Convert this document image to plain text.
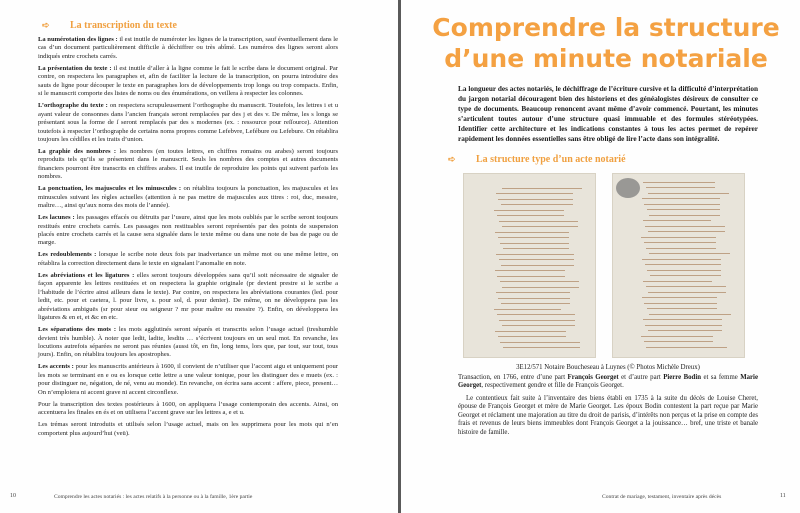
➪	La transcription du texte

La numérotation des lignes : il est inutile de numéroter les lignes de la transcription, sauf éventuellement dans le cas d’un document particulièrement difficile à déchiffrer ou très abîmé. Les numéros des lignes seront alors indiqués entre crochets carrés.

La présentation du texte : il est inutile d’aller à la ligne comme le fait le scribe dans le document original. Par contre, on respectera les paragraphes et, afin de faciliter la lecture de la transcription, on pourra introduire des sauts de ligne pour découper le texte en paragraphes lors de développements trop longs ou trop compacts. Enfin, si le manuscrit comporte des listes de noms ou des énumérations, on veillera à respecter les colonnes.

L’orthographe du texte : on respectera scrupuleusement l’orthographe du manuscrit. Toutefois, les lettres i et u ayant valeur de consonnes dans l’ancien français seront remplacées par des j et des v. De même, les s longs se présentant sous la forme de ſ seront remplacés par des s modernes (ex. : ressource pour reſſource). Attention toutefois à respecter l’orthographe de certains noms propres comme Lefebvre, Lefébure ou Lefebure. On rétablira toujours les cédilles et les traits d’union.

La graphie des nombres : les nombres (en toutes lettres, en chiffres romains ou arabes) seront toujours reproduits tels qu’ils se présentent dans le manuscrit. Seuls les nombres des comptes et autres documents financiers pourront être transcrits en chiffres arabes. Il est inutile de reproduire les points qui suivent parfois les nombres.

La ponctuation, les majuscules et les minuscules : on rétablira toujours la ponctuation, les majuscules et les minuscules suivant les règles actuelles (attention à ne pas mettre de majuscules aux titres : roi, duc, messire, maître…, ainsi qu’aux noms des mois de l’année).

Les lacunes : les passages effacés ou détruits par l’usure, ainsi que les mots oubliés par le scribe seront toujours restitués entre crochets carrés. Les passages non restituables seront représentés par des points de suspension placés entre crochets carrés et la cause sera signalée dans le texte même ou dans une note de bas de page ou de marge.

Les redoublements : lorsque le scribe note deux fois par inadvertance un même mot ou une même lettre, on rétablira la correction directement dans le texte en signalant l’anomalie en note.

Les abréviations et les ligatures : elles seront toujours développées sans qu’il soit nécessaire de signaler de façon apparente les lettres restituées et on respectera la graphie originale (pr devient prestre si le scribe a l’habitude de l’écrire ainsi ailleurs dans le texte). Par contre, on respectera les abréviations courantes (led. pour ledit, etc. pour et caetera, l. pour livre, s. pour sol, d. pour denier). De même, on ne développera pas les abréviations ambiguës (sr pour sieur ou seigneur ? mr pour maître ou messire ?). Enfin, on développera les ligatures & en et, et &c en etc.

Les séparations des mots : les mots agglutinés seront séparés et transcrits selon l’usage actuel (treshumble devient très humble). À noter que ledit, ladite, lesdits … s’écrivent toujours en un seul mot. En revanche, les locutions autrefois séparées ne seront pas réunies (aussi tôt, en fin, long tems, lors que, par tout, sur tout, tous jours). Enfin, on rétablira toujours les apostrophes.

Les accents : pour les manuscrits antérieurs à 1600, il convient de n’utiliser que l’accent aigu et uniquement pour les mots se terminant en e ou es lorsque cette lettre a une valeur tonique, pour les distinguer des e muets (ex. : pour distinguer ne, négation, de né, venu au monde). En revanche, on écrira sans accent : affere, piece, present… On n’emploiera ni accent grave ni accent circonflexe.

Pour la transcription des textes postérieurs à 1600, on appliquera l’usage contemporain des accents. Ainsi, on accentuera les finales en és et on utilisera l’accent grave sur les lettres a, e et u.

Les trémas seront introduits et utilisés selon l’usage actuel, mais on les supprimera pour les mots qui n’en comportent plus aujourd’hui (veü).

10	Comprendre les actes notariés : les actes relatifs à la personne ou à la famille, 1ère partie
Comprendre la structure
d’une minute notariale

La longueur des actes notariés, le déchiffrage de l’écriture cursive et la difficulté d’interprétation du jargon notarial découragent bien des historiens et des généalogistes désireux de consulter ce type de documents. Beaucoup renoncent avant même d’avoir commencé. Pourtant, les minutes s’articulent toutes autour d’une structure quasi immuable et des formules stéréotypées. Identifier cette architecture et les indications constantes à tous les actes permet de repérer rapidement les données essentielles sans être obligé de lire l’acte dans son intégralité.

➪	La structure type d’un acte notarié
3E12/571 Notaire Boucheseau à Luynes (© Photos Michèle Dreux)

Transaction, en 1766, entre d’une part François Georget et d’autre part Pierre Bodin et sa femme Marie Georget, respectivement gendre et fille de François Georget.

Le contentieux fait suite à l’inventaire des biens établi en 1735 à la suite du décès de Louise Cheret, épouse de François Georget et mère de Marie Georget. Les époux Bodin contestent la part reçue par Marie Georget et réclament une majoration au titre du droit de parisis, d’intérêts non perçus et la prise en compte des frais et revenus de leurs biens immeubles dont François Georget a la jouissance… bref, une triste et banale histoire de famille.

Contrat de mariage, testament, inventaire après décès	11
